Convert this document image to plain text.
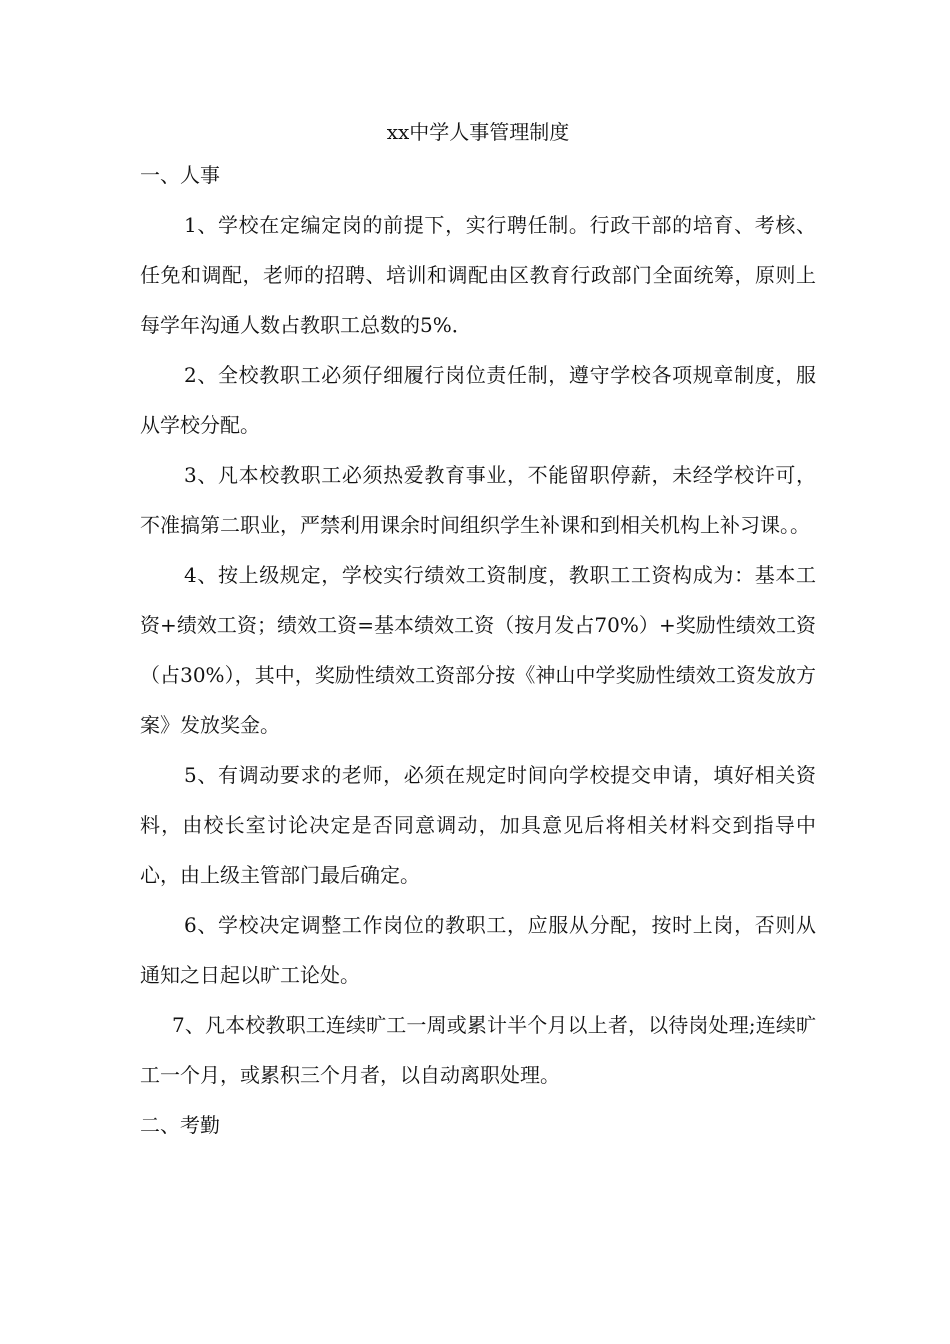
xx中学人事管理制度
一、人事

1、学校在定编定岗的前提下，实行聘任制。行政干部的培育、考核、任免和调配，老师的招聘、培训和调配由区教育行政部门全面统筹，原则上每学年沟通人数占教职工总数的5%．

2、全校教职工必须仔细履行岗位责任制，遵守学校各项规章制度，服从学校分配。

3、凡本校教职工必须热爱教育事业，不能留职停薪，未经学校许可，不准搞第二职业，严禁利用课余时间组织学生补课和到相关机构上补习课。。

4、按上级规定，学校实行绩效工资制度，教职工工资构成为：基本工资+绩效工资；绩效工资=基本绩效工资（按月发占70%）+奖励性绩效工资（占30%），其中，奖励性绩效工资部分按《神山中学奖励性绩效工资发放方案》发放奖金。

5、有调动要求的老师，必须在规定时间向学校提交申请，填好相关资料，由校长室讨论决定是否同意调动，加具意见后将相关材料交到指导中心，由上级主管部门最后确定。

6、学校决定调整工作岗位的教职工，应服从分配，按时上岗，否则从通知之日起以旷工论处。

7、凡本校教职工连续旷工一周或累计半个月以上者，以待岗处理;连续旷工一个月，或累积三个月者，以自动离职处理。

二、考勤
